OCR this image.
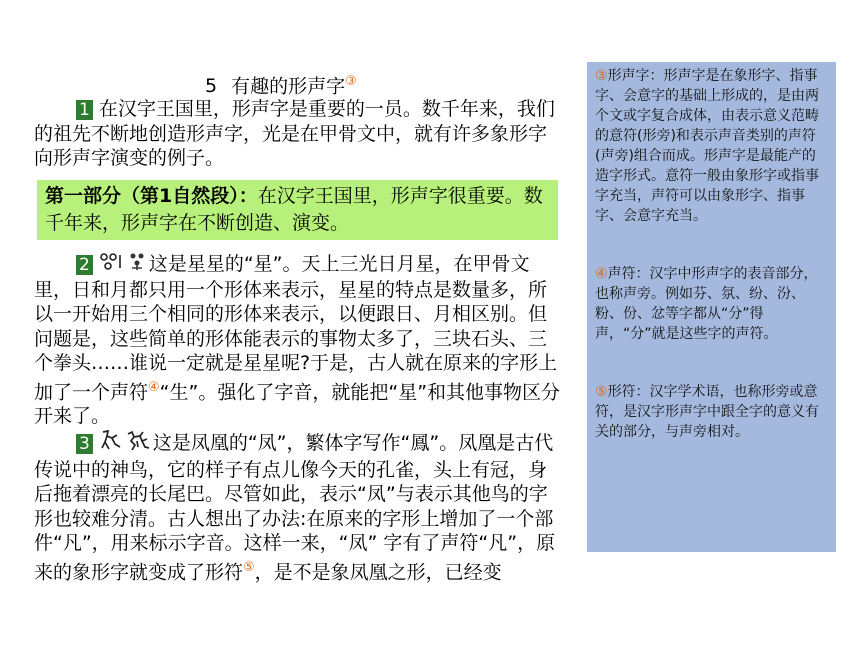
5 有趣的形声字③
1 在汉字王国里，形声字是重要的一员。数千年来，我们的祖先不断地创造形声字，光是在甲骨文中，就有许多象形字向形声字演变的例子。
第一部分（第1自然段）：在汉字王国里，形声字很重要。数千年来，形声字在不断创造、演变。
2	这是星星的“星”。天上三光日月星，在甲骨文里，日和月都只用一个形体来表示，星星的特点是数量多，所以一开始用三个相同的形体来表示，以便跟日、月相区别。但问题是，这些简单的形体能表示的事物太多了，三块石头、三个拳头……谁说一定就是星星呢?于是，古人就在原来的字形上加了一个声符④“生”。强化了字音，就能把“星”和其他事物区分开来了。
3	这是凤凰的“凤”，繁体字写作“鳳”。凤凰是古代传说中的神鸟，它的样子有点儿像今天的孔雀，头上有冠，身后拖着漂亮的长尾巴。尽管如此，表示“凤”与表示其他鸟的字形也较难分清。古人想出了办法:在原来的字形上增加了一个部件“凡”，用来标示字音。这样一来，“凤” 字有了声符“凡”，原来的象形字就变成了形符⑤，是不是象凤凰之形，已经变

③形声字：形声字是在象形字、指事字、会意字的基础上形成的，是由两个文或字复合成体，由表示意义范畴的意符(形旁)和表示声音类别的声符(声旁)组合而成。形声字是最能产的造字形式。意符一般由象形字或指事字充当，声符可以由象形字、指事字、会意字充当。

④声符：汉字中形声字的表音部分，也称声旁。例如芬、氛、纷、汾、粉、份、忿等字都从“分”得声，“分”就是这些字的声符。

⑤形符：汉字学术语，也称形旁或意符，是汉字形声字中跟全字的意义有关的部分，与声旁相对。
